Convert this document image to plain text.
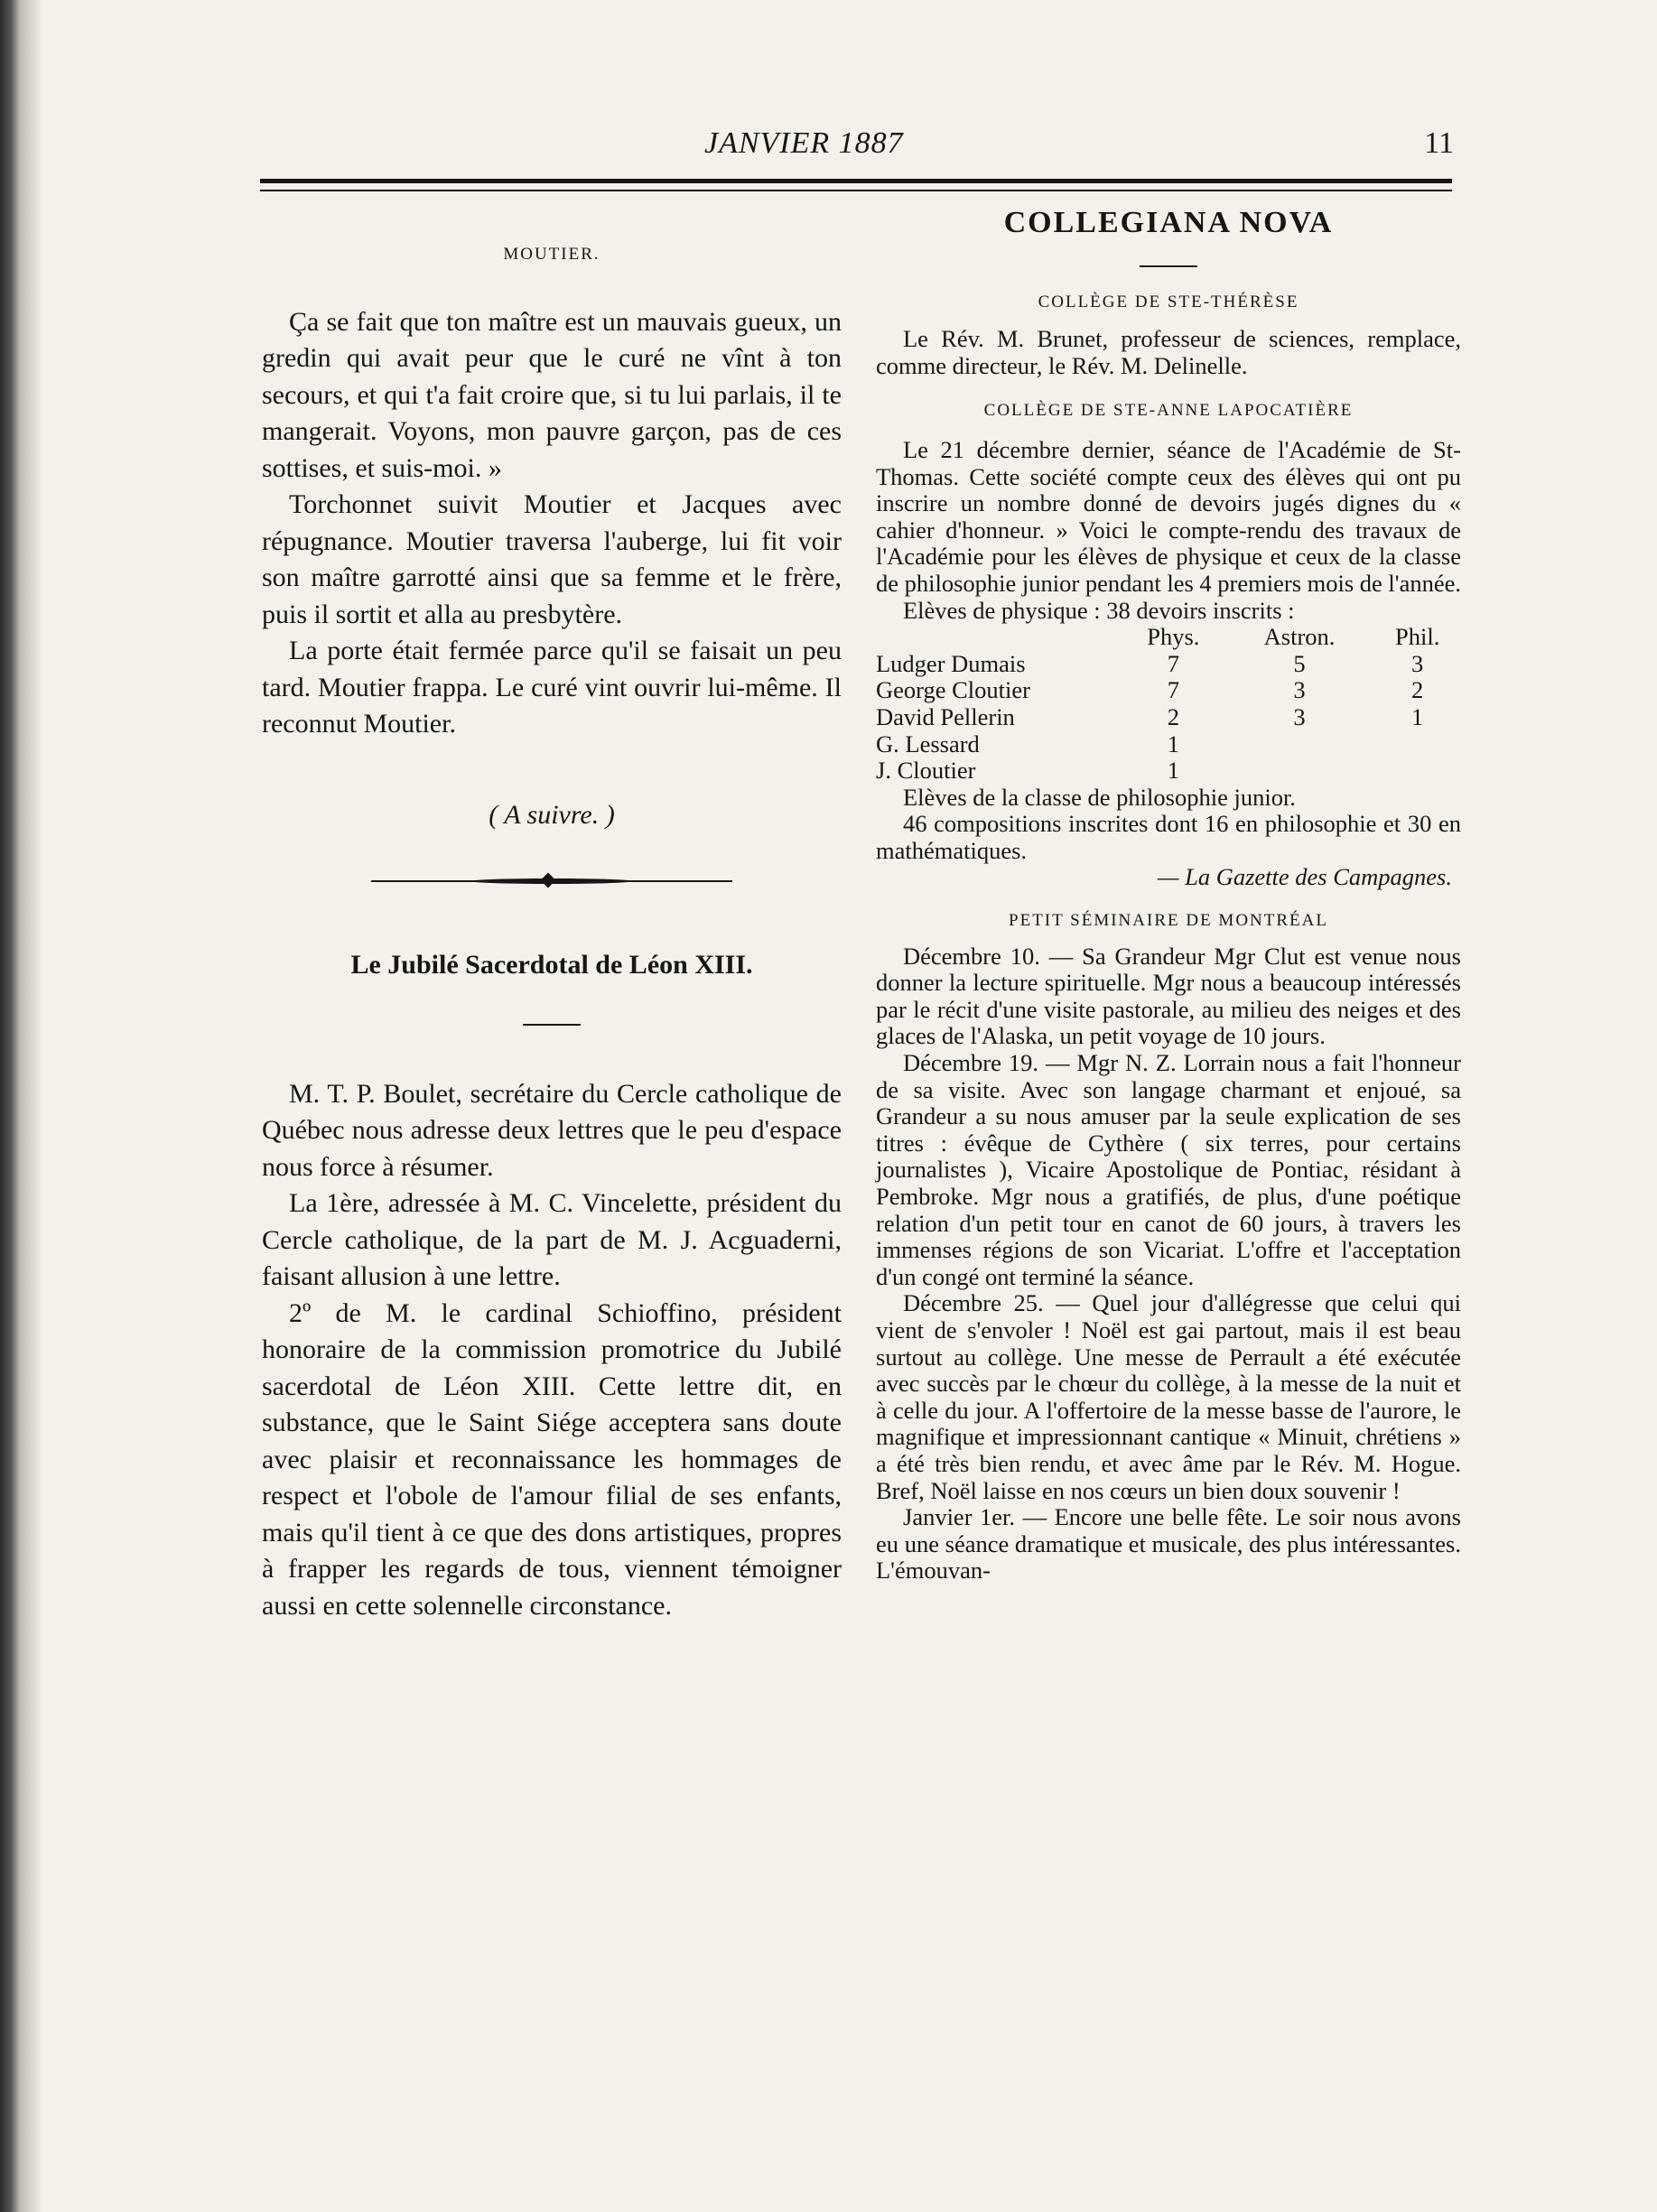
JANVIER 1887	11
MOUTIER.

Ça se fait que ton maître est un mauvais gueux, un gredin qui avait peur que le curé ne vînt à ton secours, et qui t'a fait croire que, si tu lui parlais, il te mangerait. Voyons, mon pauvre garçon, pas de ces sottises, et suis-moi. »

Torchonnet suivit Moutier et Jacques avec répugnance. Moutier traversa l'auberge, lui fit voir son maître garrotté ainsi que sa femme et le frère, puis il sortit et alla au presbytère.

La porte était fermée parce qu'il se faisait un peu tard. Moutier frappa. Le curé vint ouvrir lui-même. Il reconnut Moutier.

( A suivre. )
Le Jubilé Sacerdotal de Léon XIII.

M. T. P. Boulet, secrétaire du Cercle catholique de Québec nous adresse deux lettres que le peu d'espace nous force à résumer.

La 1ère, adressée à M. C. Vincelette, président du Cercle catholique, de la part de M. J. Acguaderni, faisant allusion à une lettre.

2º de M. le cardinal Schioffino, président honoraire de la commission promotrice du Jubilé sacerdotal de Léon XIII. Cette lettre dit, en substance, que le Saint Siége acceptera sans doute avec plaisir et reconnaissance les hommages de respect et l'obole de l'amour filial de ses enfants, mais qu'il tient à ce que des dons artistiques, propres à frapper les regards de tous, viennent témoigner aussi en cette solennelle circonstance.

COLLEGIANA NOVA
COLLÈGE DE STE-THÉRÈSE

Le Rév. M. Brunet, professeur de sciences, remplace, comme directeur, le Rév. M. Delinelle.

COLLÈGE DE STE-ANNE LAPOCATIÈRE

Le 21 décembre dernier, séance de l'Académie de St-Thomas. Cette société compte ceux des élèves qui ont pu inscrire un nombre donné de devoirs jugés dignes du « cahier d'honneur. » Voici le compte-rendu des travaux de l'Académie pour les élèves de physique et ceux de la classe de philosophie junior pendant les 4 premiers mois de l'année.

Elèves de physique : 38 devoirs inscrits :

	Phys.	Astron.	Phil.
Ludger Dumais	7	5	3
George Cloutier	7	3	2
David Pellerin	2	3	1
G. Lessard	1		
J. Cloutier	1		

Elèves de la classe de philosophie junior.

46 compositions inscrites dont 16 en philosophie et 30 en mathématiques.

— La Gazette des Campagnes.
PETIT SÉMINAIRE DE MONTRÉAL

Décembre 10. — Sa Grandeur Mgr Clut est venue nous donner la lecture spirituelle. Mgr nous a beaucoup intéressés par le récit d'une visite pastorale, au milieu des neiges et des glaces de l'Alaska, un petit voyage de 10 jours.

Décembre 19. — Mgr N. Z. Lorrain nous a fait l'honneur de sa visite. Avec son langage charmant et enjoué, sa Grandeur a su nous amuser par la seule explication de ses titres : évêque de Cythère ( six terres, pour certains journalistes ), Vicaire Apostolique de Pontiac, résidant à Pembroke. Mgr nous a gratifiés, de plus, d'une poétique relation d'un petit tour en canot de 60 jours, à travers les immenses régions de son Vicariat. L'offre et l'acceptation d'un congé ont terminé la séance.

Décembre 25. — Quel jour d'allégresse que celui qui vient de s'envoler ! Noël est gai partout, mais il est beau surtout au collège. Une messe de Perrault a été exécutée avec succès par le chœur du collège, à la messe de la nuit et à celle du jour. A l'offertoire de la messe basse de l'aurore, le magnifique et impressionnant cantique « Minuit, chrétiens » a été très bien rendu, et avec âme par le Rév. M. Hogue. Bref, Noël laisse en nos cœurs un bien doux souvenir !

Janvier 1er. — Encore une belle fête. Le soir nous avons eu une séance dramatique et musicale, des plus intéressantes. L'émouvan-
